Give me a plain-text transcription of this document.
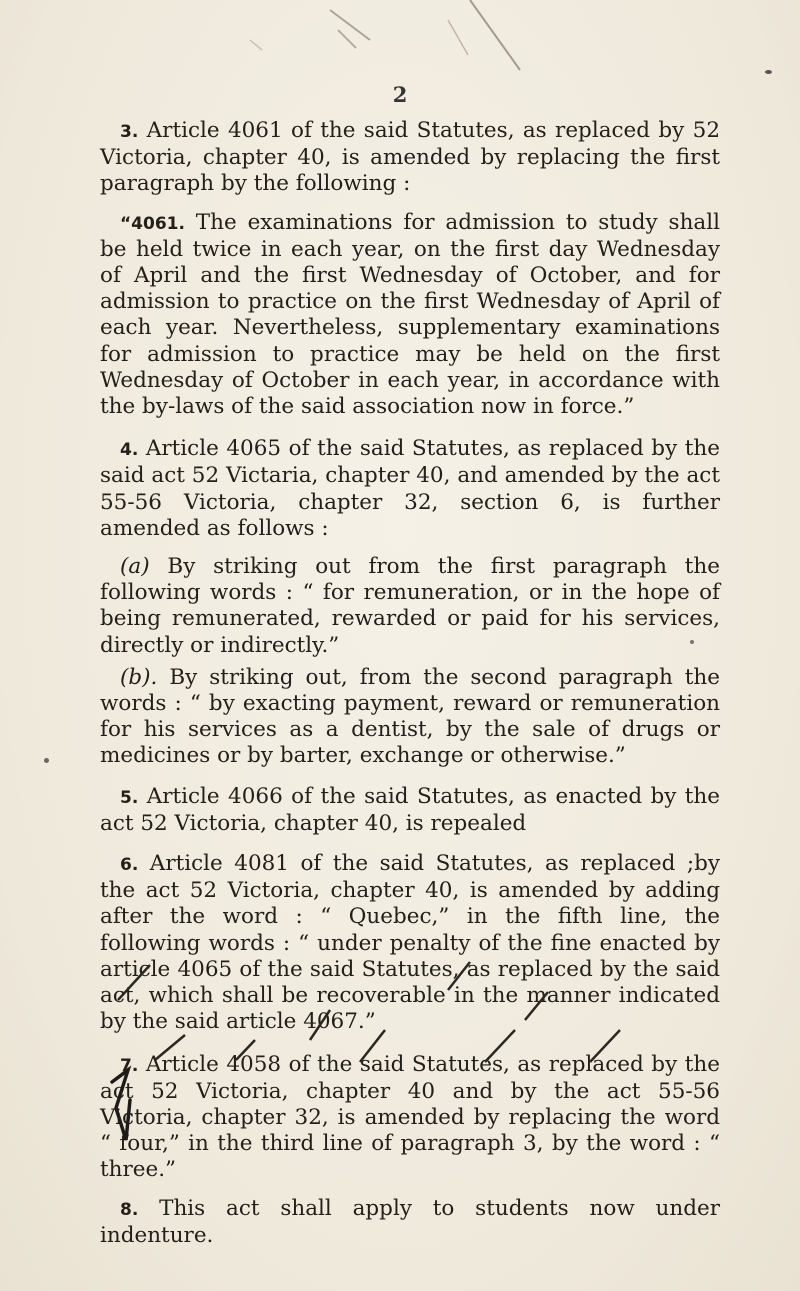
2

3. Article 4061 of the said Statutes, as replaced by 52 Victoria, chapter 40, is amended by replacing the first paragraph by the following :

“4061. The examinations for admission to study shall be held twice in each year, on the first day Wednesday of April and the first Wednesday of October, and for admission to practice on the first Wednesday of April of each year. Nevertheless, supplementary examinations for admission to practice may be held on the first Wednesday of October in each year, in accordance with the by-laws of the said association now in force.”

4. Article 4065 of the said Statutes, as replaced by the said act 52 Victaria, chapter 40, and amended by the act 55-56 Victoria, chapter 32, section 6, is further amended as follows :

(a) By striking out from the first paragraph the following words : “ for remuneration, or in the hope of being remunerated, rewarded or paid for his services, directly or indirectly.”

(b). By striking out, from the second paragraph the words : “ by exacting payment, reward or remuneration for his services as a dentist, by the sale of drugs or medicines or by barter, exchange or otherwise.”

5. Article 4066 of the said Statutes, as enacted by the act 52 Victoria, chapter 40, is repealed

6. Article 4081 of the said Statutes, as replaced ;by the act 52 Victoria, chapter 40, is amended by adding after the word : “ Quebec,” in the fifth line, the following words : “ under penalty of the fine enacted by article 4065 of the said Statutes, as replaced by the said act, which shall be recoverable in the manner indicated by the said article 4067.”

7. Article 4058 of the said Statutes, as replaced by the act 52 Victoria, chapter 40 and by the act 55-56 Victoria, chapter 32, is amended by replacing the word “ four,” in the third line of paragraph 3, by the word : “ three.”

8. This act shall apply to students now under indenture.
